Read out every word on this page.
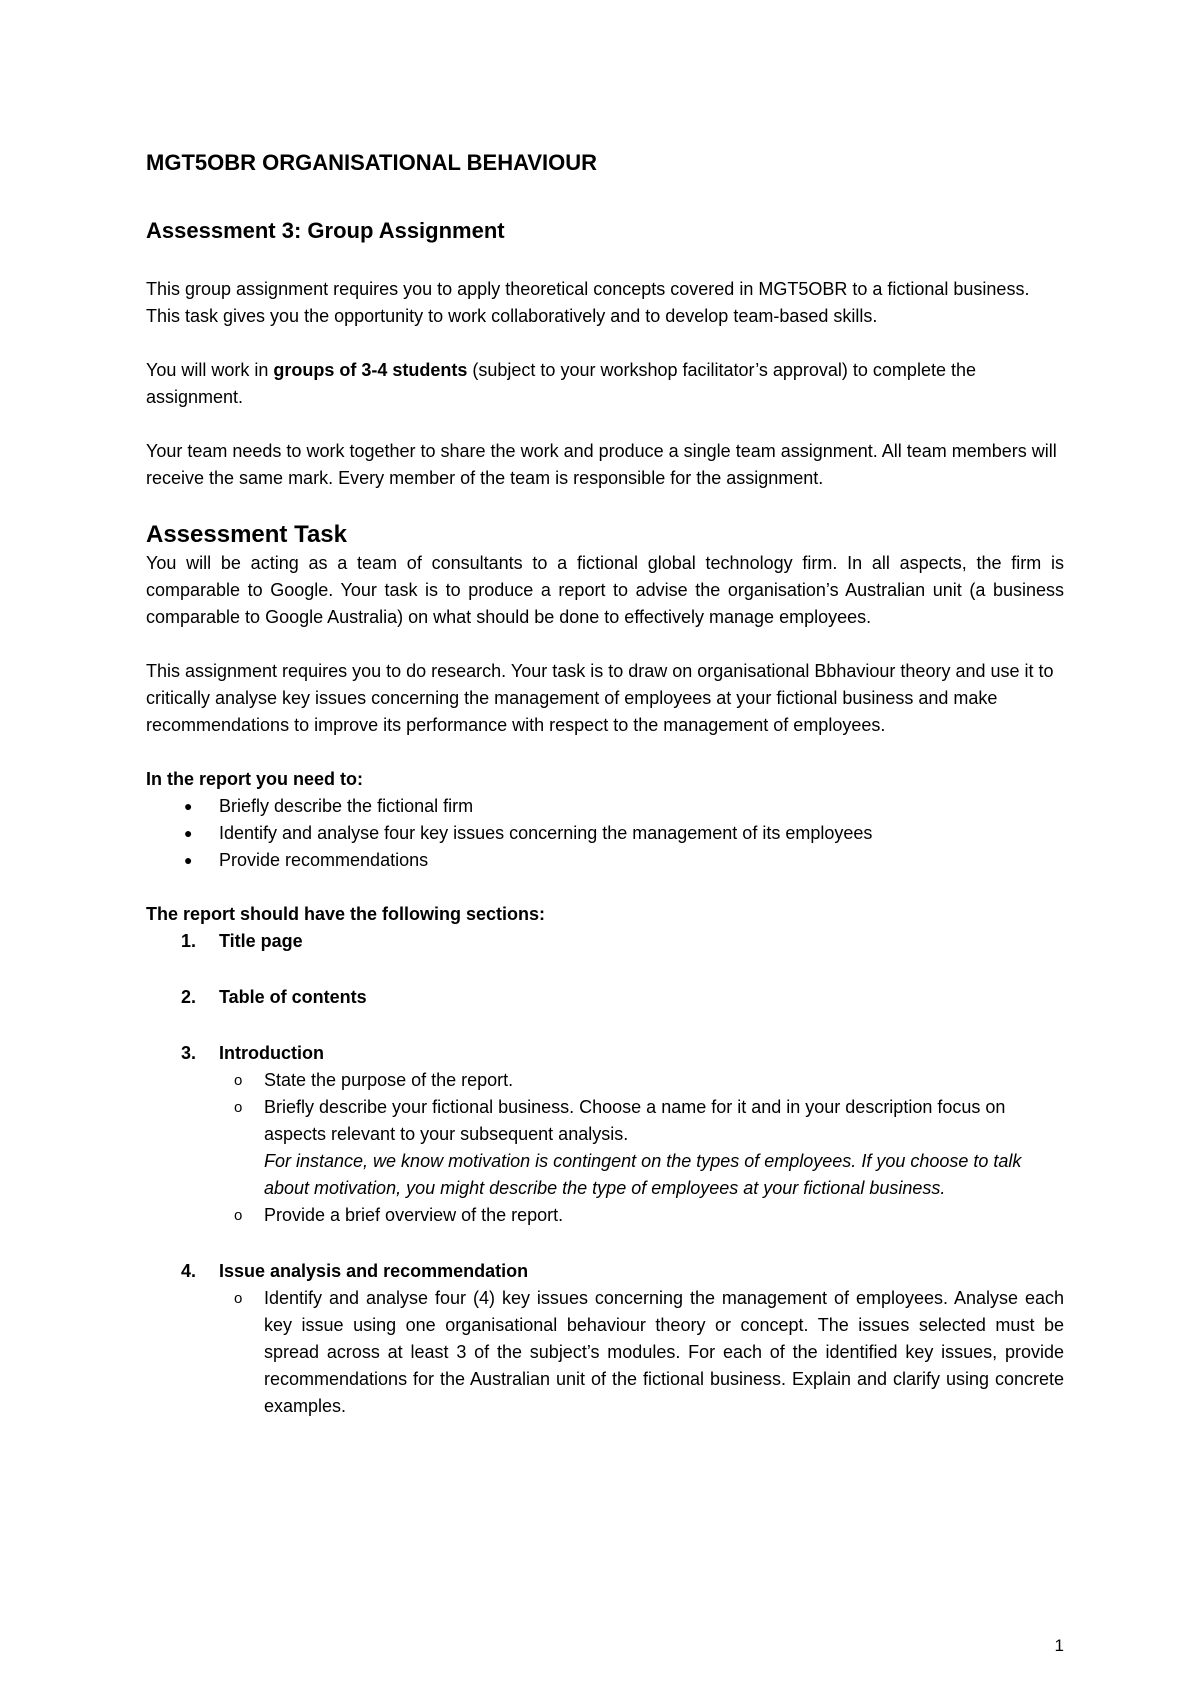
MGT5OBR ORGANISATIONAL BEHAVIOUR
Assessment 3: Group Assignment

This group assignment requires you to apply theoretical concepts covered in MGT5OBR to a fictional business. This task gives you the opportunity to work collaboratively and to develop team-based skills.

You will work in groups of 3-4 students (subject to your workshop facilitator’s approval) to complete the assignment.

Your team needs to work together to share the work and produce a single team assignment. All team members will receive the same mark. Every member of the team is responsible for the assignment.

Assessment Task

You will be acting as a team of consultants to a fictional global technology firm. In all aspects, the firm is comparable to Google. Your task is to produce a report to advise the organisation’s Australian unit (a business comparable to Google Australia) on what should be done to effectively manage employees.

This assignment requires you to do research. Your task is to draw on organisational Bbhaviour theory and use it to critically analyse key issues concerning the management of employees at your fictional business and make recommendations to improve its performance with respect to the management of employees.

In the report you need to:

● Briefly describe the fictional firm
● Identify and analyse four key issues concerning the management of its employees
● Provide recommendations

The report should have the following sections:

1. Title page
2. Table of contents
3. Introduction
o State the purpose of the report.
o Briefly describe your fictional business. Choose a name for it and in your description focus on aspects relevant to your subsequent analysis.
For instance, we know motivation is contingent on the types of employees. If you choose to talk about motivation, you might describe the type of employees at your fictional business.
o Provide a brief overview of the report.
4. Issue analysis and recommendation
o Identify and analyse four (4) key issues concerning the management of employees. Analyse each key issue using one organisational behaviour theory or concept. The issues selected must be spread across at least 3 of the subject’s modules. For each of the identified key issues, provide recommendations for the Australian unit of the fictional business. Explain and clarify using concrete examples.
1
